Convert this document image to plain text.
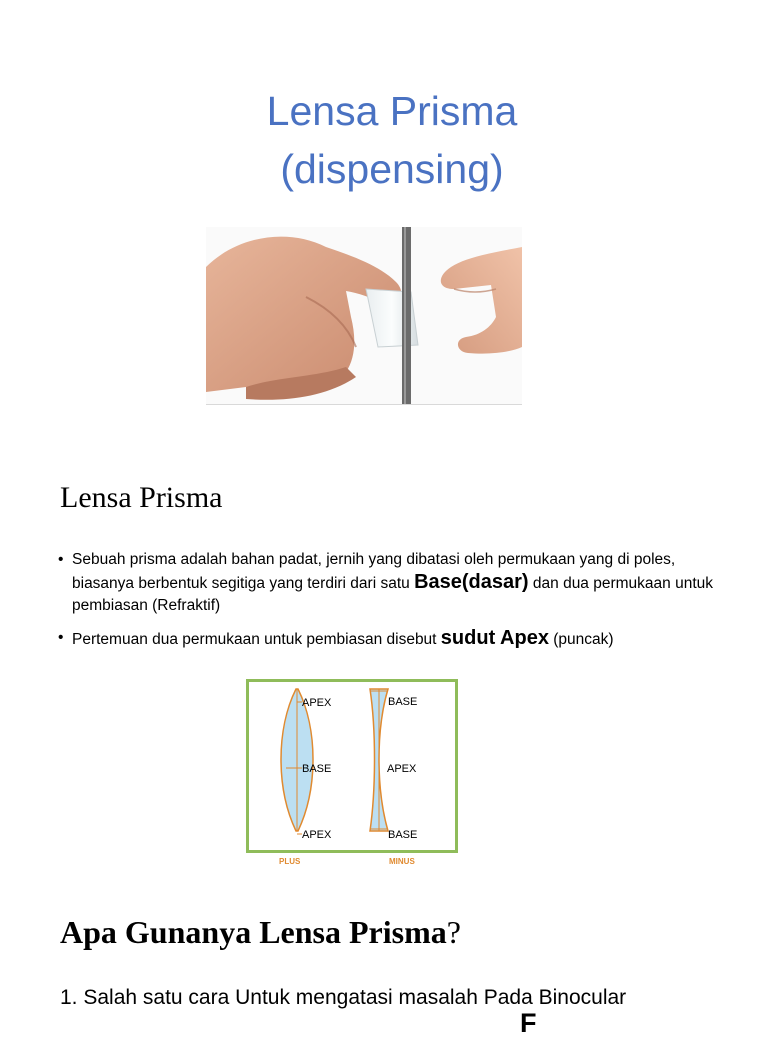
Lensa Prisma
(dispensing)
Lensa Prisma
• Sebuah prisma adalah bahan padat, jernih yang dibatasi oleh permukaan yang di poles, biasanya berbentuk segitiga yang terdiri dari satu Base(dasar) dan dua permukaan untuk pembiasan (Refraktif)
• Pertemuan dua permukaan untuk pembiasan disebut sudut Apex (puncak)
APEX
BASE
APEX
BASE
APEX
BASE
MINUS
PLUS
Apa Gunanya Lensa Prisma?

1. Salah satu cara Untuk mengatasi masalah Pada Binocular

F
